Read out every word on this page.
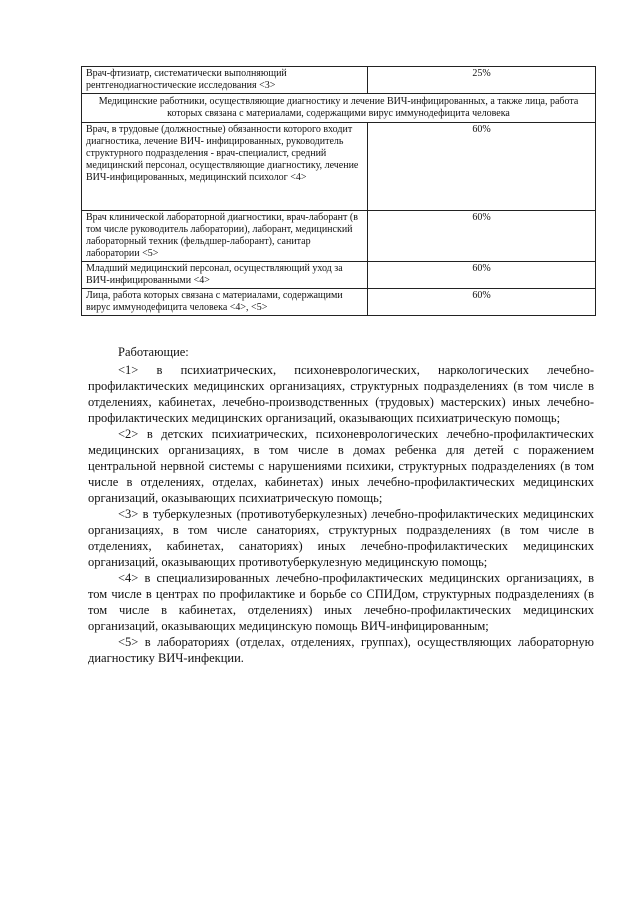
Врач-фтизиатр, систематически выполняющий рентгенодиагностические исследования <3>	25%
Медицинские работники, осуществляющие диагностику и лечение ВИЧ-инфицированных, а также лица, работа которых связана с материалами, содержащими вирус иммунодефицита человека	
Врач, в трудовые (должностные) обязанности которого входит диагностика, лечение ВИЧ- инфицированных, руководитель структурного подразделения - врач-специалист, средний медицинский персонал, осуществляющие диагностику, лечение ВИЧ-инфицированных, медицинский психолог <4>	60%
Врач клинической лабораторной диагностики, врач-лаборант (в том числе руководитель лаборатории), лаборант, медицинский лабораторный техник (фельдшер-лаборант), санитар лаборатории <5>	60%
Младший медицинский персонал, осуществляющий уход за ВИЧ-инфицированными <4>	60%
Лица, работа которых связана с материалами, содержащими вирус иммунодефицита человека <4>, <5>	60%

Работающие:

<1> в психиатрических, психоневрологических, наркологических лечебно-профилактических медицинских организациях, структурных подразделениях (в том числе в отделениях, кабинетах, лечебно-производственных (трудовых) мастерских) иных лечебно-профилактических медицинских организаций, оказывающих психиатрическую помощь;

<2> в детских психиатрических, психоневрологических лечебно-профилактических медицинских организациях, в том числе в домах ребенка для детей с поражением центральной нервной системы с нарушениями психики, структурных подразделениях (в том числе в отделениях, отделах, кабинетах) иных лечебно-профилактических медицинских организаций, оказывающих психиатрическую помощь;

<3> в туберкулезных (противотуберкулезных) лечебно-профилактических медицинских организациях, в том числе санаториях, структурных подразделениях (в том числе в отделениях, кабинетах, санаториях) иных лечебно-профилактических медицинских организаций, оказывающих противотуберкулезную медицинскую помощь;

<4> в специализированных лечебно-профилактических медицинских организациях, в том числе в центрах по профилактике и борьбе со СПИДом, структурных подразделениях (в том числе в кабинетах, отделениях) иных лечебно-профилактических медицинских организаций, оказывающих медицинскую помощь ВИЧ-инфицированным;

<5> в лабораториях (отделах, отделениях, группах), осуществляющих лабораторную диагностику ВИЧ-инфекции.
